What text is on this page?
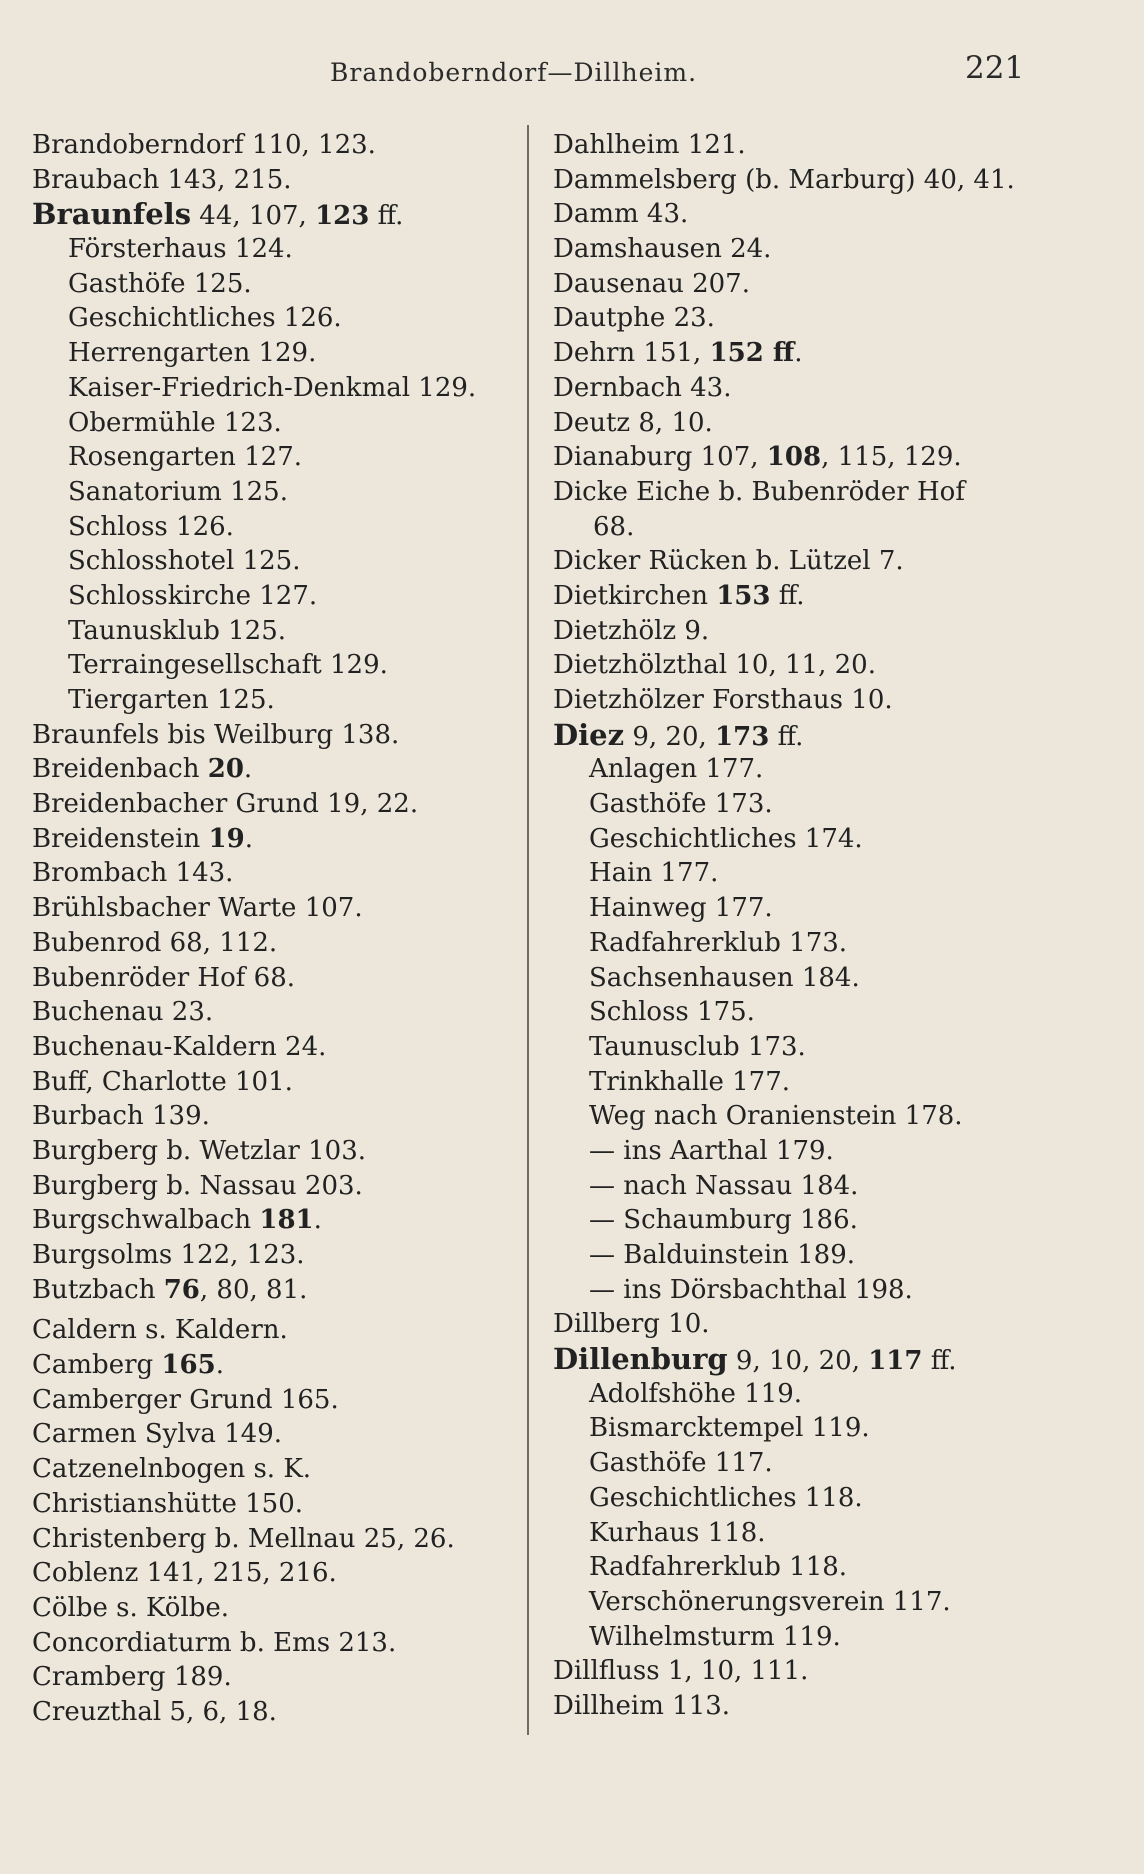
Brandoberndorf—Dillheim.	221
Brandoberndorf 110, 123.
Braubach 143, 215.
Braunfels 44, 107, 123 ff.
Försterhaus 124.
Gasthöfe 125.
Geschichtliches 126.
Herrengarten 129.
Kaiser-Friedrich-Denkmal 129.
Obermühle 123.
Rosengarten 127.
Sanatorium 125.
Schloss 126.
Schlosshotel 125.
Schlosskirche 127.
Taunusklub 125.
Terraingesellschaft 129.
Tiergarten 125.
Braunfels bis Weilburg 138.
Breidenbach 20.
Breidenbacher Grund 19, 22.
Breidenstein 19.
Brombach 143.
Brühlsbacher Warte 107.
Bubenrod 68, 112.
Bubenröder Hof 68.
Buchenau 23.
Buchenau-Kaldern 24.
Buff, Charlotte 101.
Burbach 139.
Burgberg b. Wetzlar 103.
Burgberg b. Nassau 203.
Burgschwalbach 181.
Burgsolms 122, 123.
Butzbach 76, 80, 81.
Caldern s. Kaldern.
Camberg 165.
Camberger Grund 165.
Carmen Sylva 149.
Catzenelnbogen s. K.
Christianshütte 150.
Christenberg b. Mellnau 25, 26.
Coblenz 141, 215, 216.
Cölbe s. Kölbe.
Concordiaturm b. Ems 213.
Cramberg 189.
Creuzthal 5, 6, 18.
Dahlheim 121.
Dammelsberg (b. Marburg) 40, 41.
Damm 43.
Damshausen 24.
Dausenau 207.
Dautphe 23.
Dehrn 151, 152 ff.
Dernbach 43.
Deutz 8, 10.
Dianaburg 107, 108, 115, 129.
Dicke Eiche b. Bubenröder Hof
68.
Dicker Rücken b. Lützel 7.
Dietkirchen 153 ff.
Dietzhölz 9.
Dietzhölzthal 10, 11, 20.
Dietzhölzer Forsthaus 10.
Diez 9, 20, 173 ff.
Anlagen 177.
Gasthöfe 173.
Geschichtliches 174.
Hain 177.
Hainweg 177.
Radfahrerklub 173.
Sachsenhausen 184.
Schloss 175.
Taunusclub 173.
Trinkhalle 177.
Weg nach Oranienstein 178.
— ins Aarthal 179.
— nach Nassau 184.
— Schaumburg 186.
— Balduinstein 189.
— ins Dörsbachthal 198.
Dillberg 10.
Dillenburg 9, 10, 20, 117 ff.
Adolfshöhe 119.
Bismarcktempel 119.
Gasthöfe 117.
Geschichtliches 118.
Kurhaus 118.
Radfahrerklub 118.
Verschönerungsverein 117.
Wilhelmsturm 119.
Dillfluss 1, 10, 111.
Dillheim 113.
